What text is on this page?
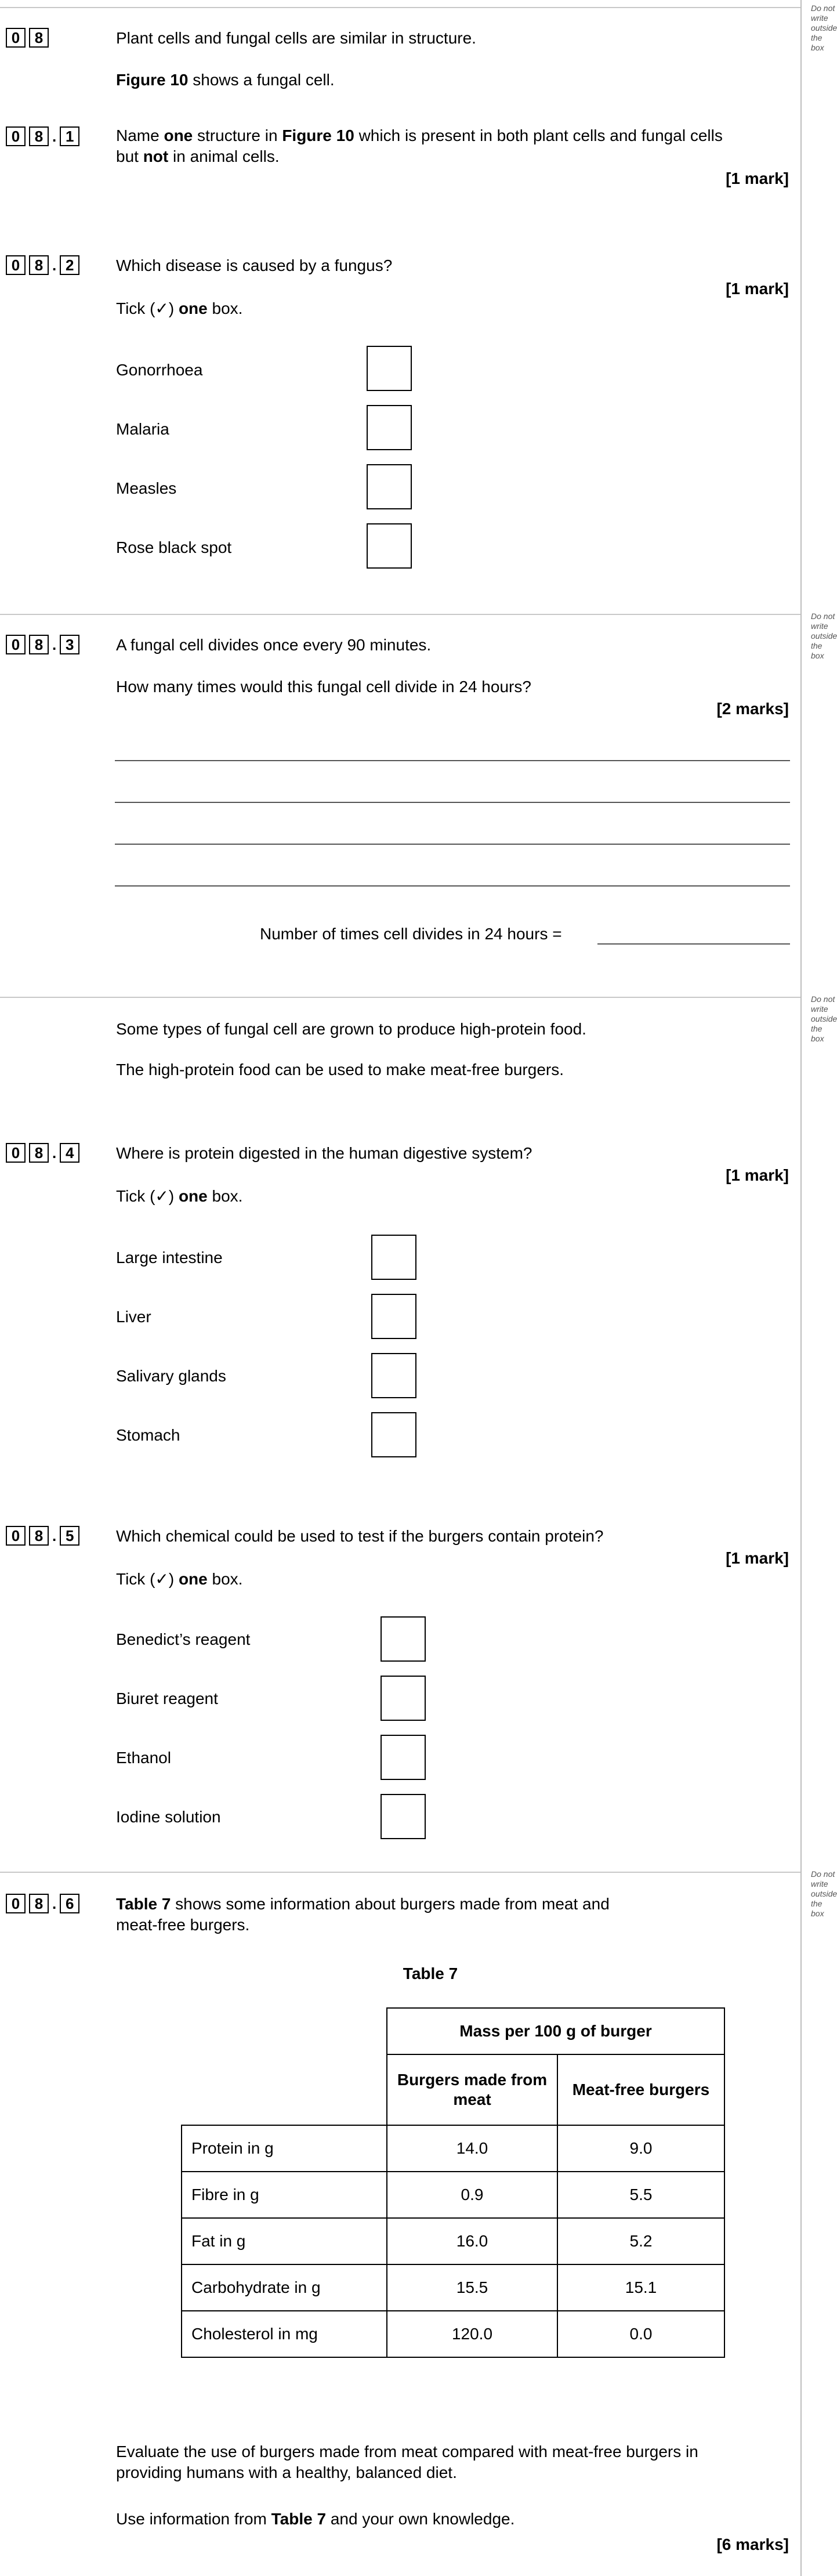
Do not write
outside the box
Do not write
outside the box
Do not write
outside the box
Do not write
outside the box
0 8	Plant cells and fungal cells are similar in structure.
Figure 10 shows a fungal cell.
0 8 . 1	Name one structure in Figure 10 which is present in both plant cells and fungal cells
but not in animal cells.
[1 mark]
0 8 . 2	Which disease is caused by a fungus?
[1 mark]
Tick (✓) one box.
Gonorrhoea
Malaria
Measles
Rose black spot
0 8 . 3	A fungal cell divides once every 90 minutes.
How many times would this fungal cell divide in 24 hours?
[2 marks]
Number of times cell divides in 24 hours =
Some types of fungal cell are grown to produce high-protein food.
The high-protein food can be used to make meat-free burgers.
0 8 . 4	Where is protein digested in the human digestive system?
[1 mark]
Tick (✓) one box.
Large intestine
Liver
Salivary glands
Stomach
0 8 . 5	Which chemical could be used to test if the burgers contain protein?
[1 mark]
Tick (✓) one box.
Benedict’s reagent
Biuret reagent
Ethanol
Iodine solution
0 8 . 6	Table 7 shows some information about burgers made from meat and
meat-free burgers.
Table 7
	Mass per 100 g of burger	
	Burgers made from meat	Meat-free burgers
Protein in g	14.0	9.0
Fibre in g	0.9	5.5
Fat in g	16.0	5.2
Carbohydrate in g	15.5	15.1
Cholesterol in mg	120.0	0.0
Evaluate the use of burgers made from meat compared with meat-free burgers in
providing humans with a healthy, balanced diet.
Use information from Table 7 and your own knowledge.
[6 marks]
